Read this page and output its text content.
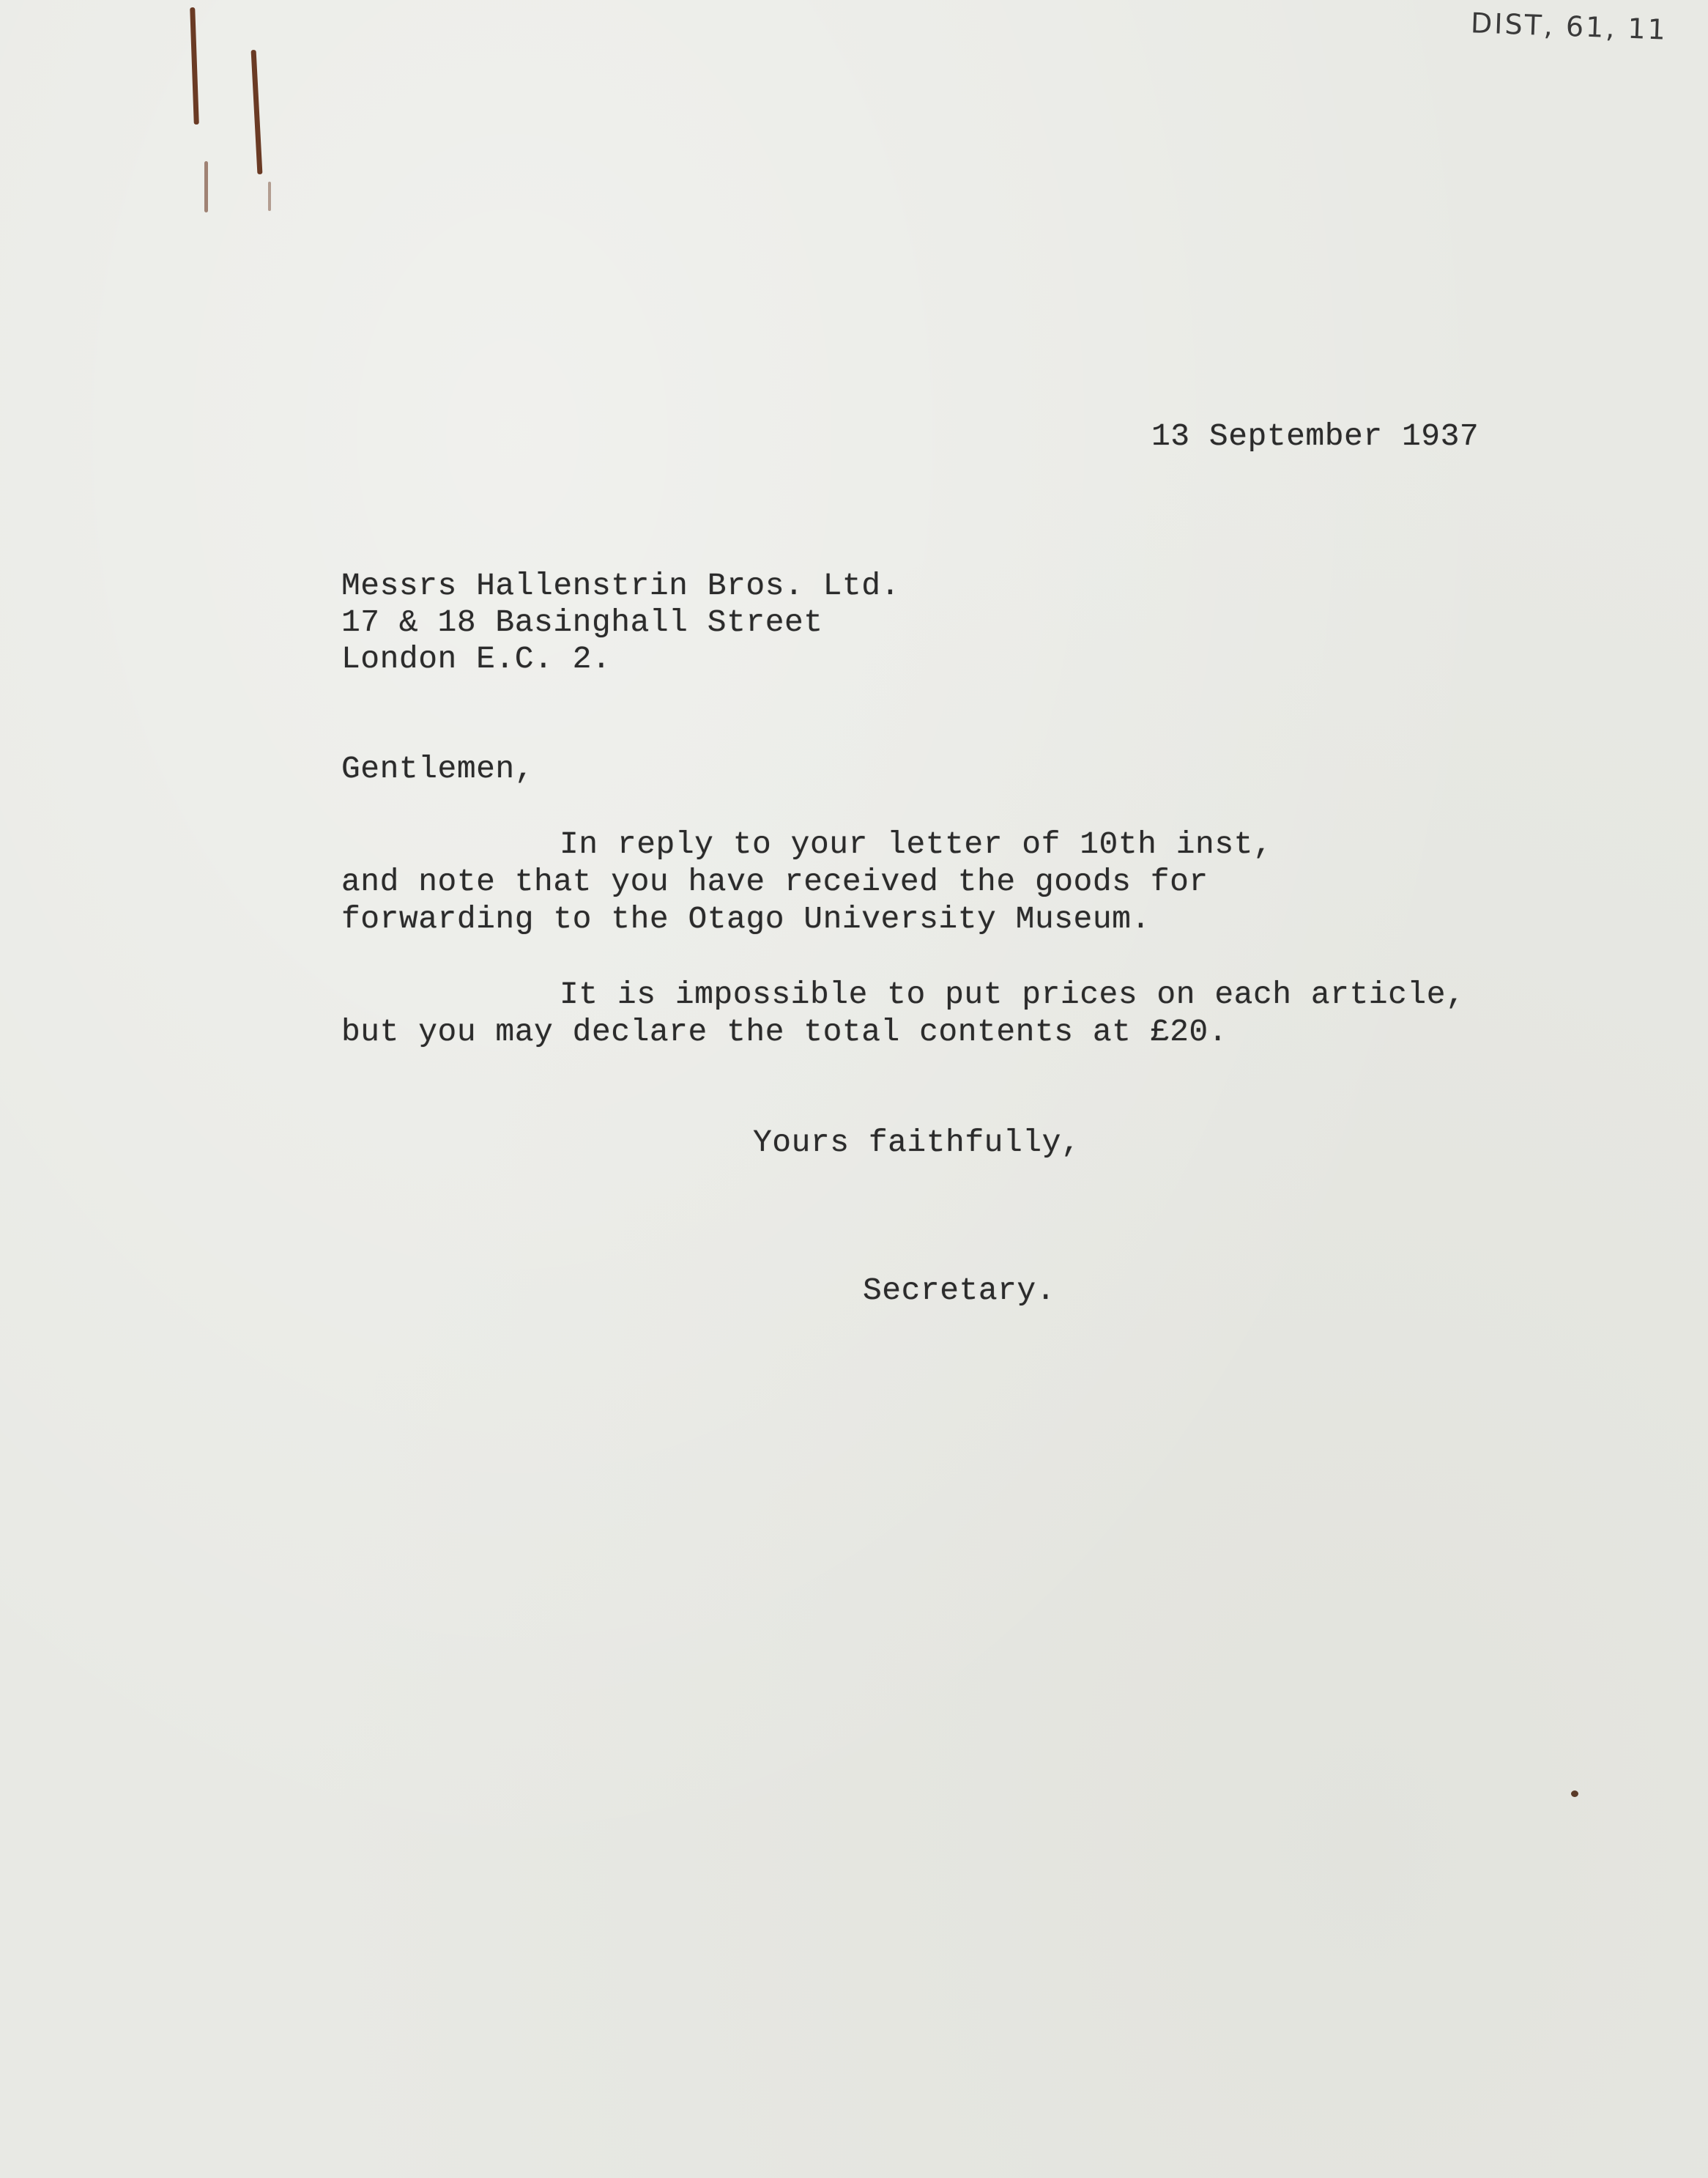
DIST, 61, 11
13 September 1937
Messrs Hallenstrin Bros. Ltd.
17 & 18 Basinghall Street
London E.C. 2.
Gentlemen,
In reply to your letter of 10th inst,
and note that you have received the goods for
forwarding to the Otago University Museum.
It is impossible to put prices on each article,
but you may declare the total contents at £20.
Yours faithfully,
Secretary.
